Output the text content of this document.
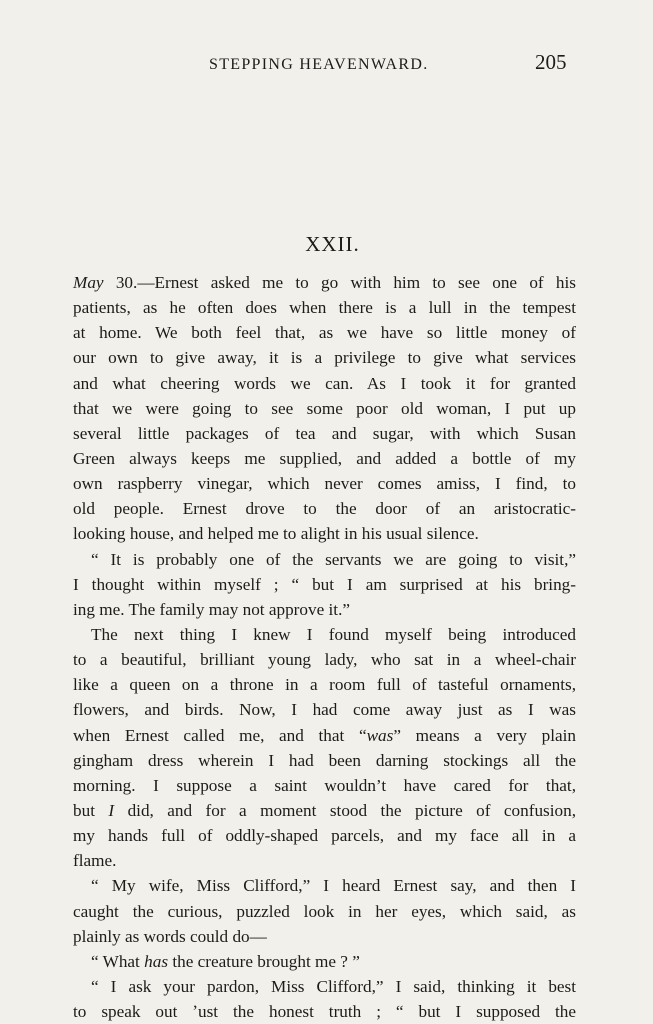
STEPPING HEAVENWARD.	205
XXII.
May 30.—Ernest asked me to go with him to see one of his
patients, as he often does when there is a lull in the tempest
at home. We both feel that, as we have so little money of
our own to give away, it is a privilege to give what services
and what cheering words we can. As I took it for granted
that we were going to see some poor old woman, I put up
several little packages of tea and sugar, with which Susan
Green always keeps me supplied, and added a bottle of my
own raspberry vinegar, which never comes amiss, I find, to
old people. Ernest drove to the door of an aristocratic-
looking house, and helped me to alight in his usual silence.
“ It is probably one of the servants we are going to visit,”
I thought within myself ; “ but I am surprised at his bring-
ing me. The family may not approve it.”
The next thing I knew I found myself being introduced
to a beautiful, brilliant young lady, who sat in a wheel-chair
like a queen on a throne in a room full of tasteful ornaments,
flowers, and birds. Now, I had come away just as I was
when Ernest called me, and that “was” means a very plain
gingham dress wherein I had been darning stockings all the
morning. I suppose a saint wouldn’t have cared for that,
but I did, and for a moment stood the picture of confusion,
my hands full of oddly-shaped parcels, and my face all in a
flame.
“ My wife, Miss Clifford,” I heard Ernest say, and then I
caught the curious, puzzled look in her eyes, which said, as
plainly as words could do—
“ What has the creature brought me ? ”
“ I ask your pardon, Miss Clifford,” I said, thinking it best
to speak out ʼust the honest truth ; “ but I supposed the
